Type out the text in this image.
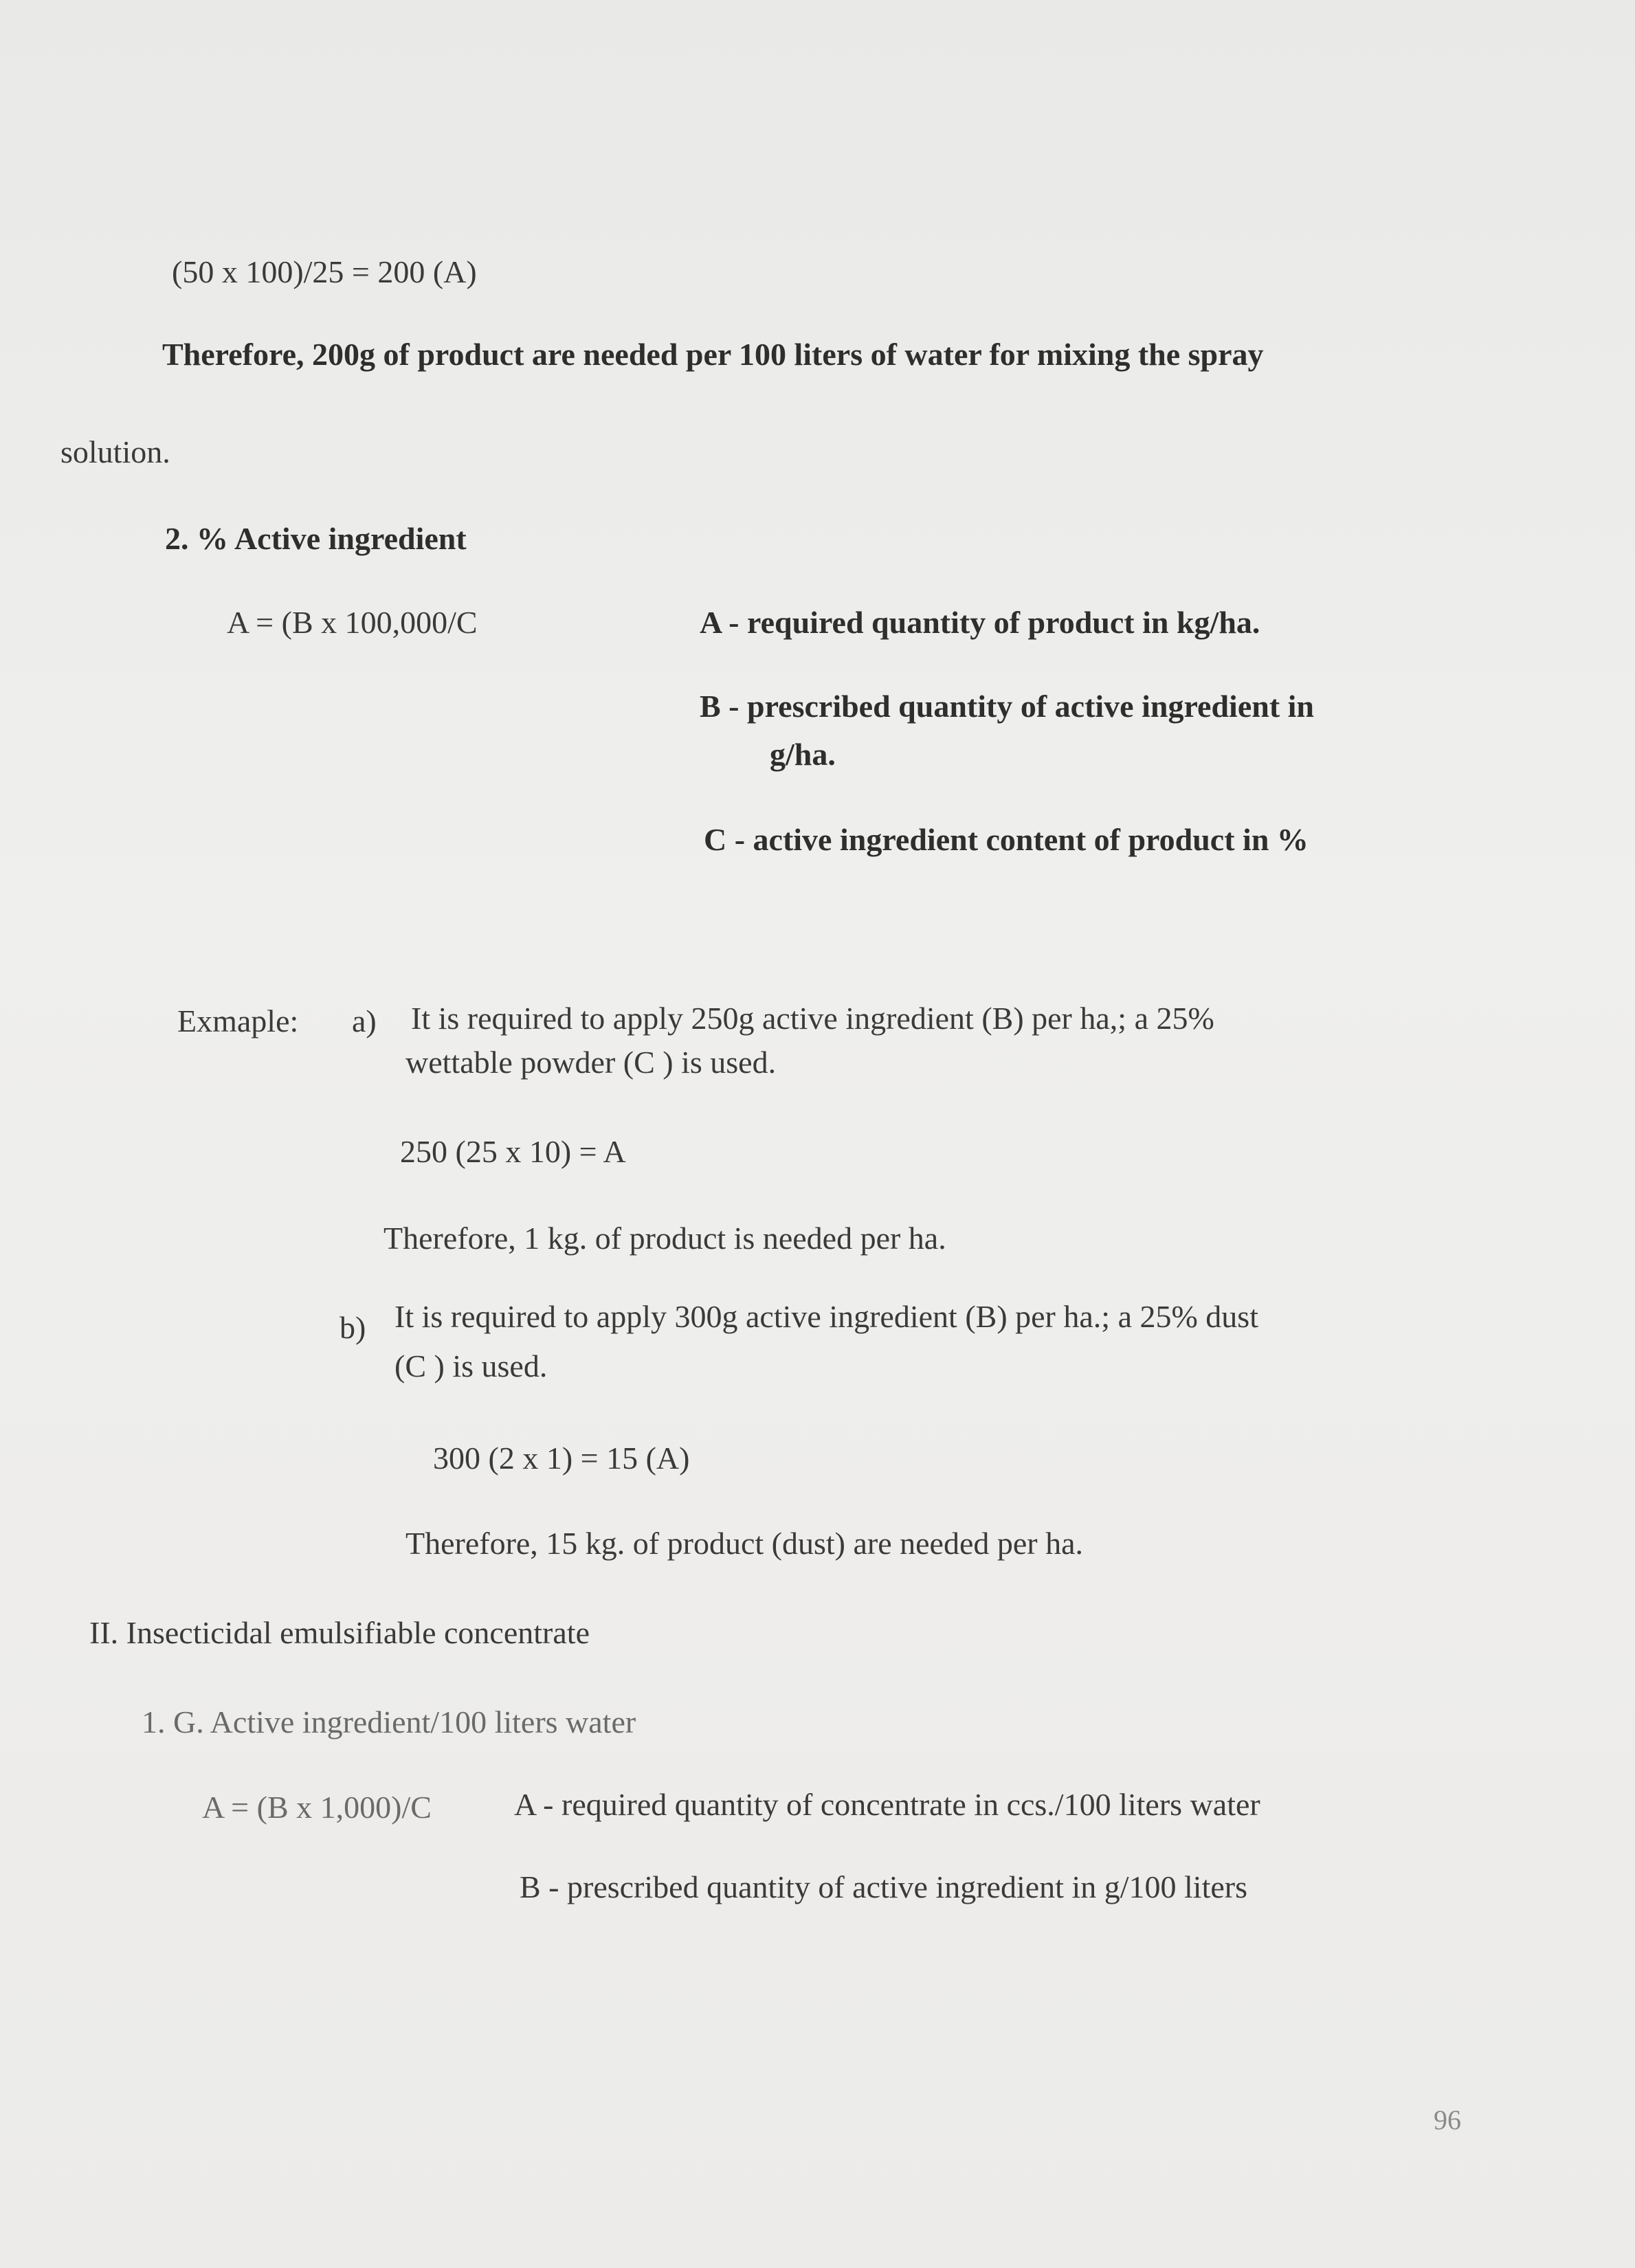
(50 x 100)/25 = 200 (A)
Therefore, 200g of product are needed per 100 liters of water for mixing the spray
solution.
2. % Active ingredient
A = (B x 100,000/C	A - required quantity of product in kg/ha.
B - prescribed quantity of active ingredient in
g/ha.
C - active ingredient content of product in %
Exmaple: a) It is required to apply 250g active ingredient (B) per ha,; a 25%
wettable powder (C ) is used.
250 (25 x 10) = A
Therefore, 1 kg. of product is needed per ha.
b) It is required to apply 300g active ingredient (B) per ha.; a 25% dust
(C ) is used.
300 (2 x 1) = 15 (A)
Therefore, 15 kg. of product (dust) are needed per ha.
II. Insecticidal emulsifiable concentrate
1. G. Active ingredient/100 liters water
A = (B x 1,000)/C	A - required quantity of concentrate in ccs./100 liters water
B - prescribed quantity of active ingredient in g/100 liters
96
